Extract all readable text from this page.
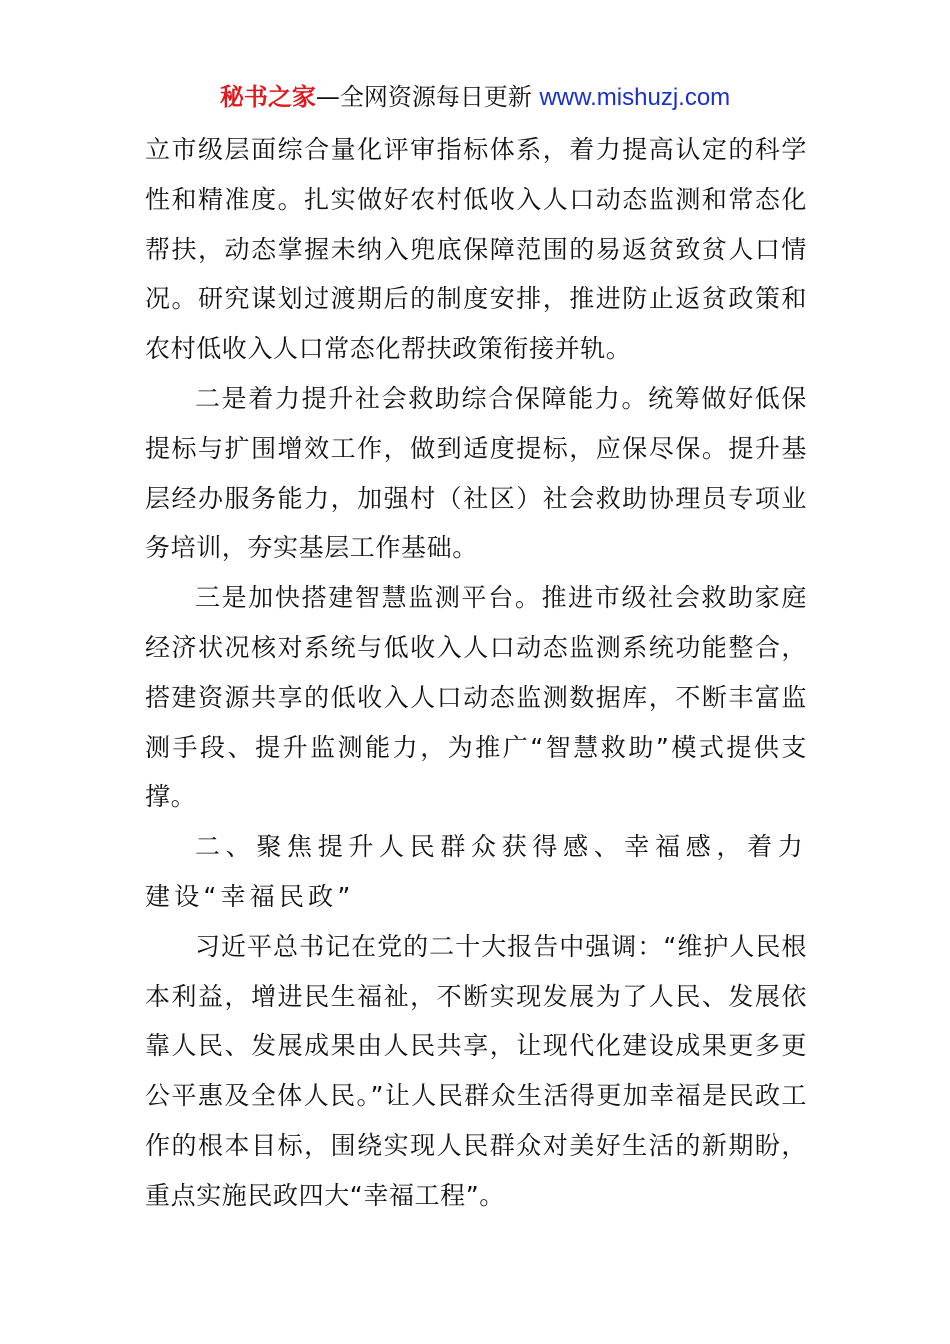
秘书之家—全网资源每日更新 www.mishuzj.com

立市级层面综合量化评审指标体系，着力提高认定的科学性和精准度。扎实做好农村低收入人口动态监测和常态化帮扶，动态掌握未纳入兜底保障范围的易返贫致贫人口情况。研究谋划过渡期后的制度安排，推进防止返贫政策和农村低收入人口常态化帮扶政策衔接并轨。

二是着力提升社会救助综合保障能力。统筹做好低保提标与扩围增效工作，做到适度提标，应保尽保。提升基层经办服务能力，加强村（社区）社会救助协理员专项业务培训，夯实基层工作基础。

三是加快搭建智慧监测平台。推进市级社会救助家庭经济状况核对系统与低收入人口动态监测系统功能整合，搭建资源共享的低收入人口动态监测数据库，不断丰富监测手段、提升监测能力，为推广“智慧救助”模式提供支撑。

二、聚焦提升人民群众获得感、幸福感，着力建设“幸福民政”

习近平总书记在党的二十大报告中强调：“维护人民根本利益，增进民生福祉，不断实现发展为了人民、发展依靠人民、发展成果由人民共享，让现代化建设成果更多更公平惠及全体人民。”让人民群众生活得更加幸福是民政工作的根本目标，围绕实现人民群众对美好生活的新期盼，重点实施民政四大“幸福工程”。
